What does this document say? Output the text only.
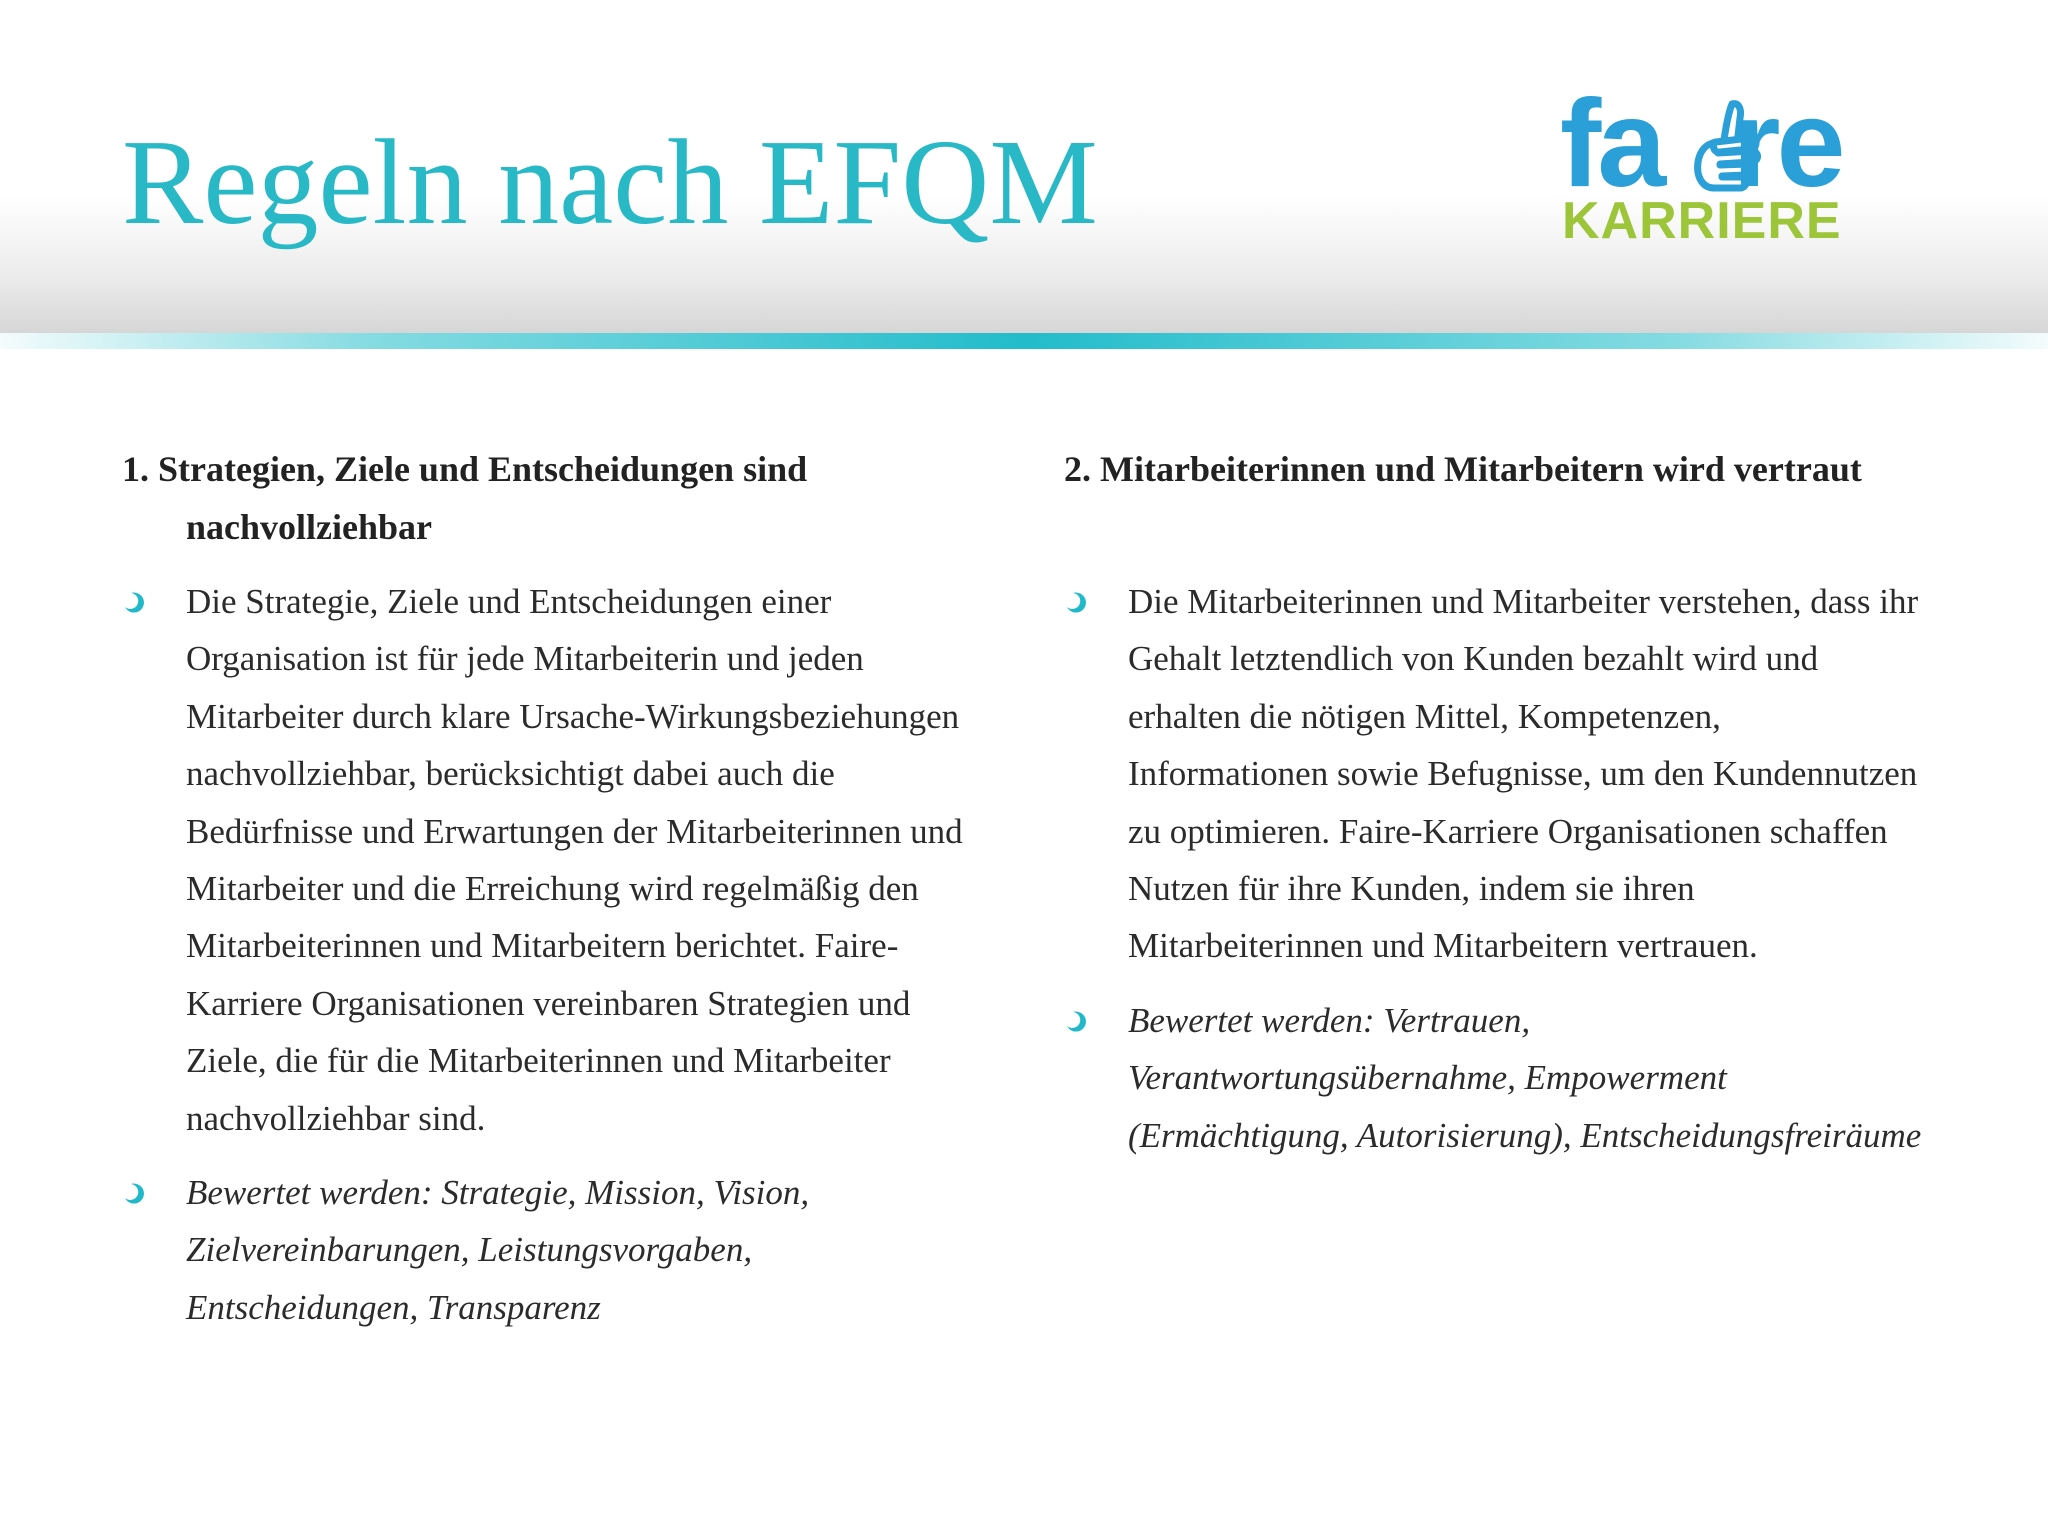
Regeln nach EFQM	fa re
KARRIERE
1. Strategien, Ziele und Entscheidungen sind nachvollziehbar
Die Strategie, Ziele und Entscheidungen einer Organisation ist für jede Mitarbeiterin und jeden Mitarbeiter durch klare Ursache-Wirkungsbeziehungen nachvollziehbar, berücksichtigt dabei auch die Bedürfnisse und Erwartungen der Mitarbeiterinnen und Mitarbeiter und die Erreichung wird regelmäßig den Mitarbeiterinnen und Mitarbeitern berichtet. Faire-Karriere Organisationen vereinbaren Strategien und Ziele, die für die Mitarbeiterinnen und Mitarbeiter nachvollziehbar sind.
Bewertet werden: Strategie, Mission, Vision, Zielvereinbarungen, Leistungsvorgaben, Entscheidungen, Transparenz
2. Mitarbeiterinnen und Mitarbeitern wird vertraut
Die Mitarbeiterinnen und Mitarbeiter verstehen, dass ihr Gehalt letztendlich von Kunden bezahlt wird und erhalten die nötigen Mittel, Kompetenzen, Informationen sowie Befugnisse, um den Kundennutzen zu optimieren. Faire-Karriere Organisationen schaffen Nutzen für ihre Kunden, indem sie ihren Mitarbeiterinnen und Mitarbeitern vertrauen.
Bewertet werden: Vertrauen, Verantwortungsübernahme, Empowerment (Ermächtigung, Autorisierung), Entscheidungsfreiräume
